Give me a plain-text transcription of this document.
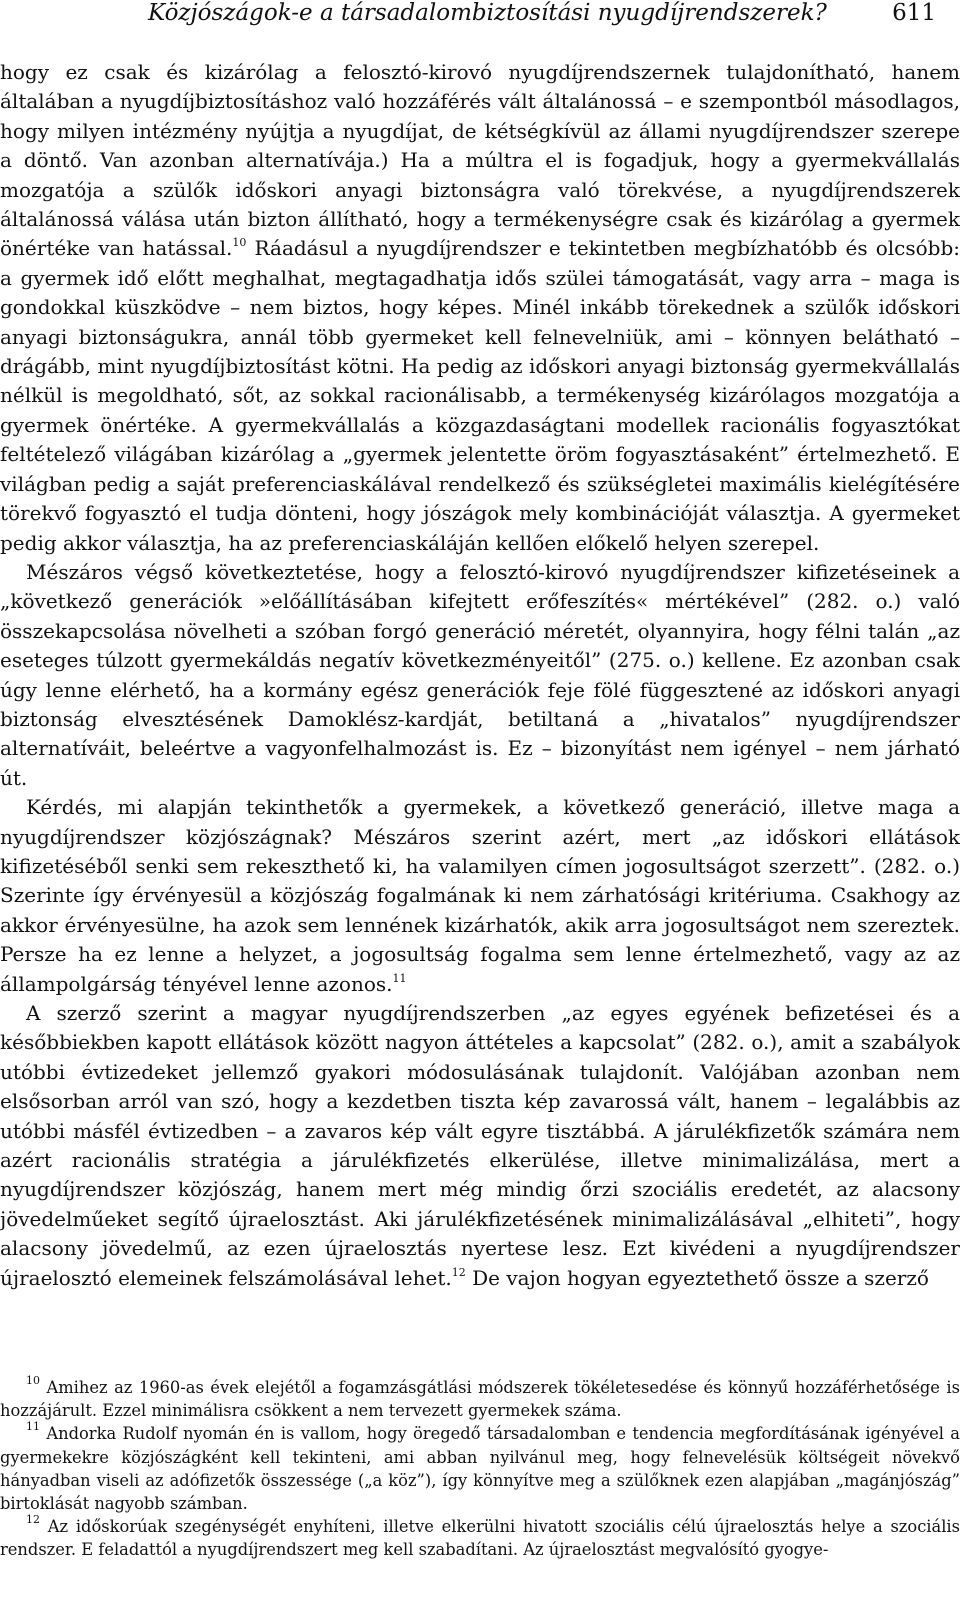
Közjószágok-e a társadalombiztosítási nyugdíjrendszerek?	611

hogy ez csak és kizárólag a felosztó-kirovó nyugdíjrendszernek tulajdonítható, hanem általában a nyugdíjbiztosításhoz való hozzáférés vált általánossá – e szempontból másodlagos, hogy milyen intézmény nyújtja a nyugdíjat, de kétségkívül az állami nyugdíjrendszer szerepe a döntő. Van azonban alternatívája.) Ha a múltra el is fogadjuk, hogy a gyermekvállalás mozgatója a szülők időskori anyagi biztonságra való törekvése, a nyugdíjrendszerek általánossá válása után bizton állítható, hogy a termékenységre csak és kizárólag a gyermek önértéke van hatással.$^{10}$ Ráadásul a nyugdíjrendszer e tekintetben megbízhatóbb és olcsóbb: a gyermek idő előtt meghalhat, megtagadhatja idős szülei támogatását, vagy arra – maga is gondokkal küszködve – nem biztos, hogy képes. Minél inkább törekednek a szülők időskori anyagi biztonságukra, annál több gyermeket kell felnevelniük, ami – könnyen belátható – drágább, mint nyugdíjbiztosítást kötni. Ha pedig az időskori anyagi biztonság gyermekvállalás nélkül is megoldható, sőt, az sokkal racionálisabb, a termékenység kizárólagos mozgatója a gyermek önértéke. A gyermekvállalás a közgazdaságtani modellek racionális fogyasztókat feltételező világában kizárólag a „gyermek jelentette öröm fogyasztásaként” értelmezhető. E világban pedig a saját preferenciaskálával rendelkező és szükségletei maximális kielégítésére törekvő fogyasztó el tudja dönteni, hogy jószágok mely kombinációját választja. A gyermeket pedig akkor választja, ha az preferenciaskáláján kellően előkelő helyen szerepel.

Mészáros végső következtetése, hogy a felosztó-kirovó nyugdíjrendszer kifizetéseinek a „következő generációk »előállításában kifejtett erőfeszítés« mértékével” (282. o.) való összekapcsolása növelheti a szóban forgó generáció méretét, olyannyira, hogy félni talán „az eseteges túlzott gyermekáldás negatív következményeitől” (275. o.) kellene. Ez azonban csak úgy lenne elérhető, ha a kormány egész generációk feje fölé függesztené az időskori anyagi biztonság elvesztésének Damoklész-kardját, betiltaná a „hivatalos” nyugdíjrendszer alternatíváit, beleértve a vagyonfelhalmozást is. Ez – bizonyítást nem igényel – nem járható út.

Kérdés, mi alapján tekinthetők a gyermekek, a következő generáció, illetve maga a nyugdíjrendszer közjószágnak? Mészáros szerint azért, mert „az időskori ellátások kifizetéséből senki sem rekeszthető ki, ha valamilyen címen jogosultságot szerzett”. (282. o.) Szerinte így érvényesül a közjószág fogalmának ki nem zárhatósági kritériuma. Csakhogy az akkor érvényesülne, ha azok sem lennének kizárhatók, akik arra jogosultságot nem szereztek. Persze ha ez lenne a helyzet, a jogosultság fogalma sem lenne értelmezhető, vagy az az állampolgárság tényével lenne azonos.$^{11}$

A szerző szerint a magyar nyugdíjrendszerben „az egyes egyének befizetései és a későbbiekben kapott ellátások között nagyon áttételes a kapcsolat” (282. o.), amit a szabályok utóbbi évtizedeket jellemző gyakori módosulásának tulajdonít. Valójában azonban nem elsősorban arról van szó, hogy a kezdetben tiszta kép zavarossá vált, hanem – legalábbis az utóbbi másfél évtizedben – a zavaros kép vált egyre tisztábbá. A járulékfizetők számára nem azért racionális stratégia a járulékfizetés elkerülése, illetve minimalizálása, mert a nyugdíjrendszer közjószág, hanem mert még mindig őrzi szociális eredetét, az alacsony jövedelműeket segítő újraelosztást. Aki járulékfizetésének minimalizálásával „elhiteti”, hogy alacsony jövedelmű, az ezen újraelosztás nyertese lesz. Ezt kivédeni a nyugdíjrendszer újraelosztó elemeinek felszámolásával lehet.$^{12}$ De vajon hogyan egyeztethető össze a szerző

$^{10}$ Amihez az 1960-as évek elejétől a fogamzásgátlási módszerek tökéletesedése és könnyű hozzáférhetősége is hozzájárult. Ezzel minimálisra csökkent a nem tervezett gyermekek száma.

$^{11}$ Andorka Rudolf nyomán én is vallom, hogy öregedő társadalomban e tendencia megfordításának igényével a gyermekekre közjószágként kell tekinteni, ami abban nyilvánul meg, hogy felnevelésük költségeit növekvő hányadban viseli az adófizetők összessége („a köz”), így könnyítve meg a szülőknek ezen alapjában „magánjószág” birtoklását nagyobb számban.

$^{12}$ Az időskorúak szegénységét enyhíteni, illetve elkerülni hivatott szociális célú újraelosztás helye a szociális rendszer. E feladattól a nyugdíjrendszert meg kell szabadítani. Az újraelosztást megvalósító gyogye-
